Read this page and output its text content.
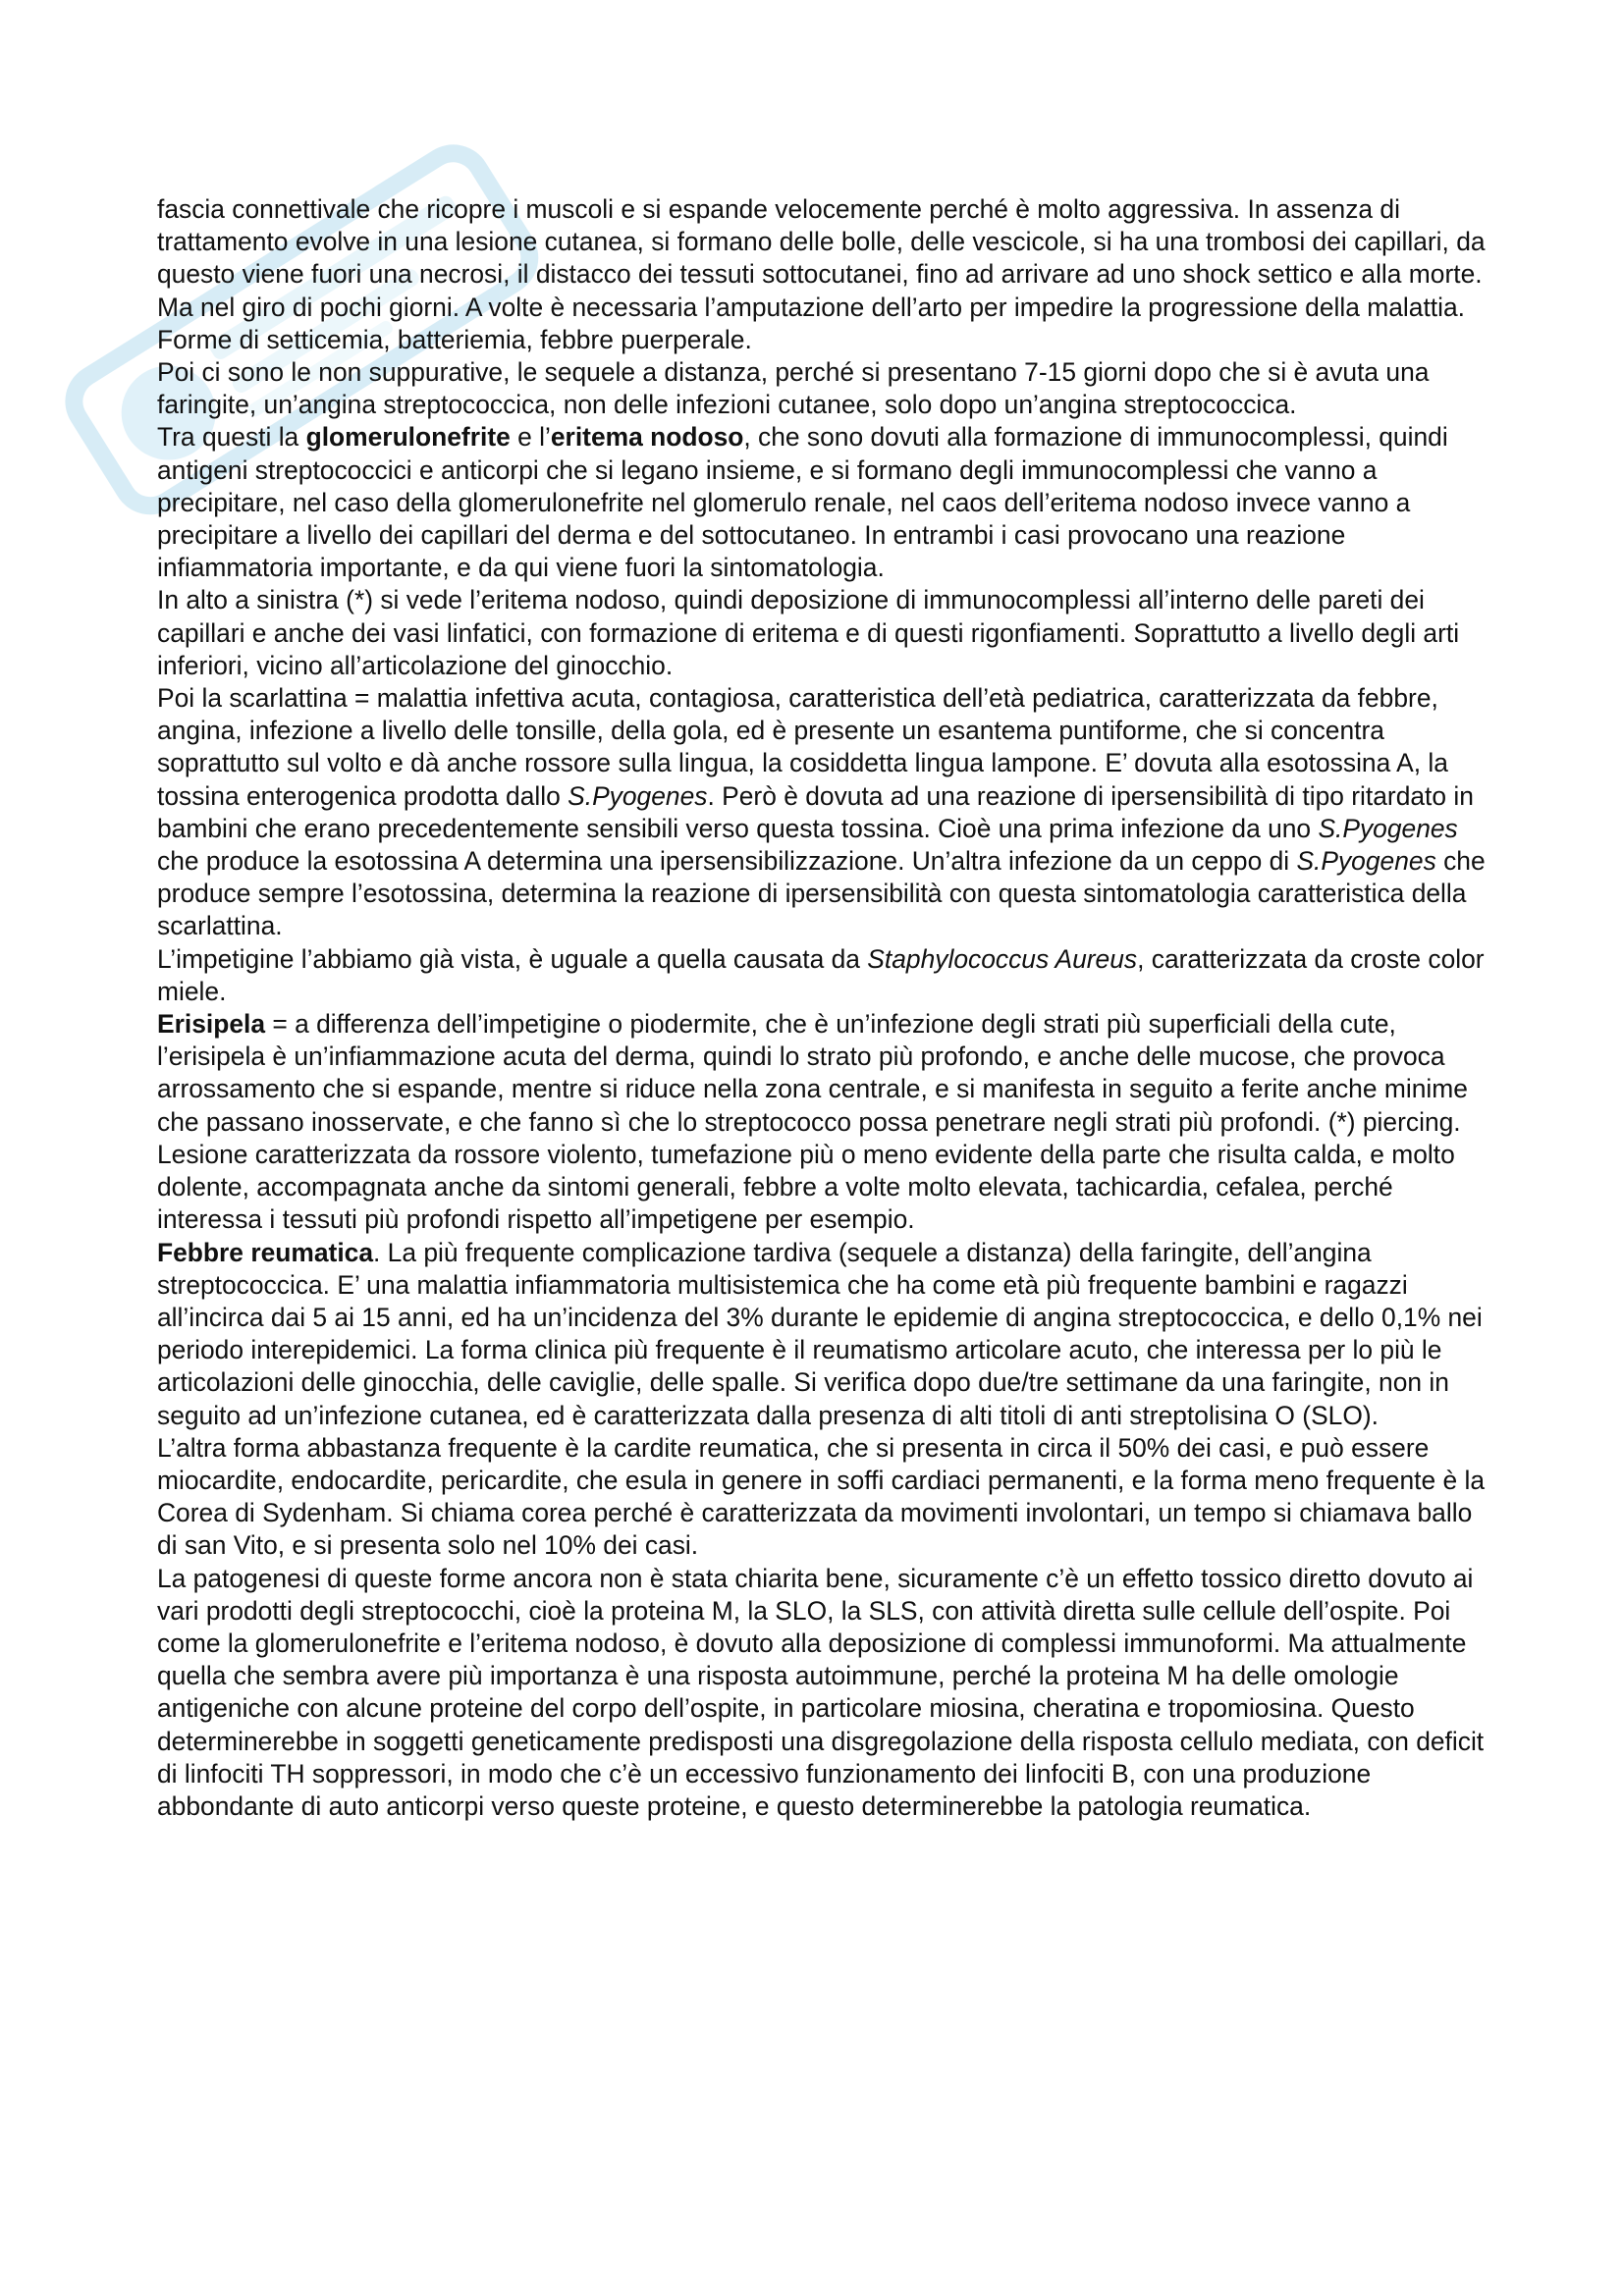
fascia connettivale che ricopre i muscoli e si espande velocemente perché è molto aggressiva. In assenza di trattamento evolve in una lesione cutanea, si formano delle bolle, delle vescicole, si ha una trombosi dei capillari, da questo viene fuori una necrosi, il distacco dei tessuti sottocutanei, fino ad arrivare ad uno shock settico e alla morte. Ma nel giro di pochi giorni. A volte è necessaria l’amputazione dell’arto per impedire la progressione della malattia.

Forme di setticemia, batteriemia, febbre puerperale.

Poi ci sono le non suppurative, le sequele a distanza, perché si presentano 7-15 giorni dopo che si è avuta una faringite, un’angina streptococcica, non delle infezioni cutanee, solo dopo un’angina streptococcica.

Tra questi la glomerulonefrite e l’eritema nodoso, che sono dovuti alla formazione di immunocomplessi, quindi antigeni streptococcici e anticorpi che si legano insieme, e si formano degli immunocomplessi che vanno a precipitare, nel caso della glomerulonefrite nel glomerulo renale, nel caos dell’eritema nodoso invece vanno a precipitare a livello dei capillari del derma e del sottocutaneo. In entrambi i casi provocano una reazione infiammatoria importante, e da qui viene fuori la sintomatologia.

In alto a sinistra (*) si vede l’eritema nodoso, quindi deposizione di immunocomplessi all’interno delle pareti dei capillari e anche dei vasi linfatici, con formazione di eritema e di questi rigonfiamenti. Soprattutto a livello degli arti inferiori, vicino all’articolazione del ginocchio.

Poi la scarlattina = malattia infettiva acuta, contagiosa, caratteristica dell’età pediatrica, caratterizzata da febbre, angina, infezione a livello delle tonsille, della gola, ed è presente un esantema puntiforme, che si concentra soprattutto sul volto e dà anche rossore sulla lingua, la cosiddetta lingua lampone. E’ dovuta alla esotossina A, la tossina enterogenica prodotta dallo S.Pyogenes. Però è dovuta ad una reazione di ipersensibilità di tipo ritardato in bambini che erano precedentemente sensibili verso questa tossina. Cioè una prima infezione da uno S.Pyogenes che produce la esotossina A determina una ipersensibilizzazione. Un’altra infezione da un ceppo di S.Pyogenes che produce sempre l’esotossina, determina la reazione di ipersensibilità con questa sintomatologia caratteristica della scarlattina.

L’impetigine l’abbiamo già vista, è uguale a quella causata da Staphylococcus Aureus, caratterizzata da croste color miele.

Erisipela = a differenza dell’impetigine o piodermite, che è un’infezione degli strati più superficiali della cute, l’erisipela è un’infiammazione acuta del derma, quindi lo strato più profondo, e anche delle mucose, che provoca arrossamento che si espande, mentre si riduce nella zona centrale, e si manifesta in seguito a ferite anche minime che passano inosservate, e che fanno sì che lo streptococco possa penetrare negli strati più profondi. (*) piercing. Lesione caratterizzata da rossore violento, tumefazione più o meno evidente della parte che risulta calda, e molto dolente, accompagnata anche da sintomi generali, febbre a volte molto elevata, tachicardia, cefalea, perché interessa i tessuti più profondi rispetto all’impetigene per esempio.

Febbre reumatica. La più frequente complicazione tardiva (sequele a distanza) della faringite, dell’angina streptococcica. E’ una malattia infiammatoria multisistemica che ha come età più frequente bambini e ragazzi all’incirca dai 5 ai 15 anni, ed ha un’incidenza del 3% durante le epidemie di angina streptococcica, e dello 0,1% nei periodo interepidemici. La forma clinica più frequente è il reumatismo articolare acuto, che interessa per lo più le articolazioni delle ginocchia, delle caviglie, delle spalle. Si verifica dopo due/tre settimane da una faringite, non in seguito ad un’infezione cutanea, ed è caratterizzata dalla presenza di alti titoli di anti streptolisina O (SLO).

L’altra forma abbastanza frequente è la cardite reumatica, che si presenta in circa il 50% dei casi, e può essere miocardite, endocardite, pericardite, che esula in genere in soffi cardiaci permanenti, e la forma meno frequente è la Corea di Sydenham. Si chiama corea perché è caratterizzata da movimenti involontari, un tempo si chiamava ballo di san Vito, e si presenta solo nel 10% dei casi.

La patogenesi di queste forme ancora non è stata chiarita bene, sicuramente c’è un effetto tossico diretto dovuto ai vari prodotti degli streptococchi, cioè la proteina M, la SLO, la SLS, con attività diretta sulle cellule dell’ospite. Poi come la glomerulonefrite e l’eritema nodoso, è dovuto alla deposizione di complessi immunoformi. Ma attualmente quella che sembra avere più importanza è una risposta autoimmune, perché la proteina M ha delle omologie antigeniche con alcune proteine del corpo dell’ospite, in particolare miosina, cheratina e tropomiosina. Questo determinerebbe in soggetti geneticamente predisposti una disgregolazione della risposta cellulo mediata, con deficit di linfociti TH soppressori, in modo che c’è un eccessivo funzionamento dei linfociti B, con una produzione abbondante di auto anticorpi verso queste proteine, e questo determinerebbe la patologia reumatica.
